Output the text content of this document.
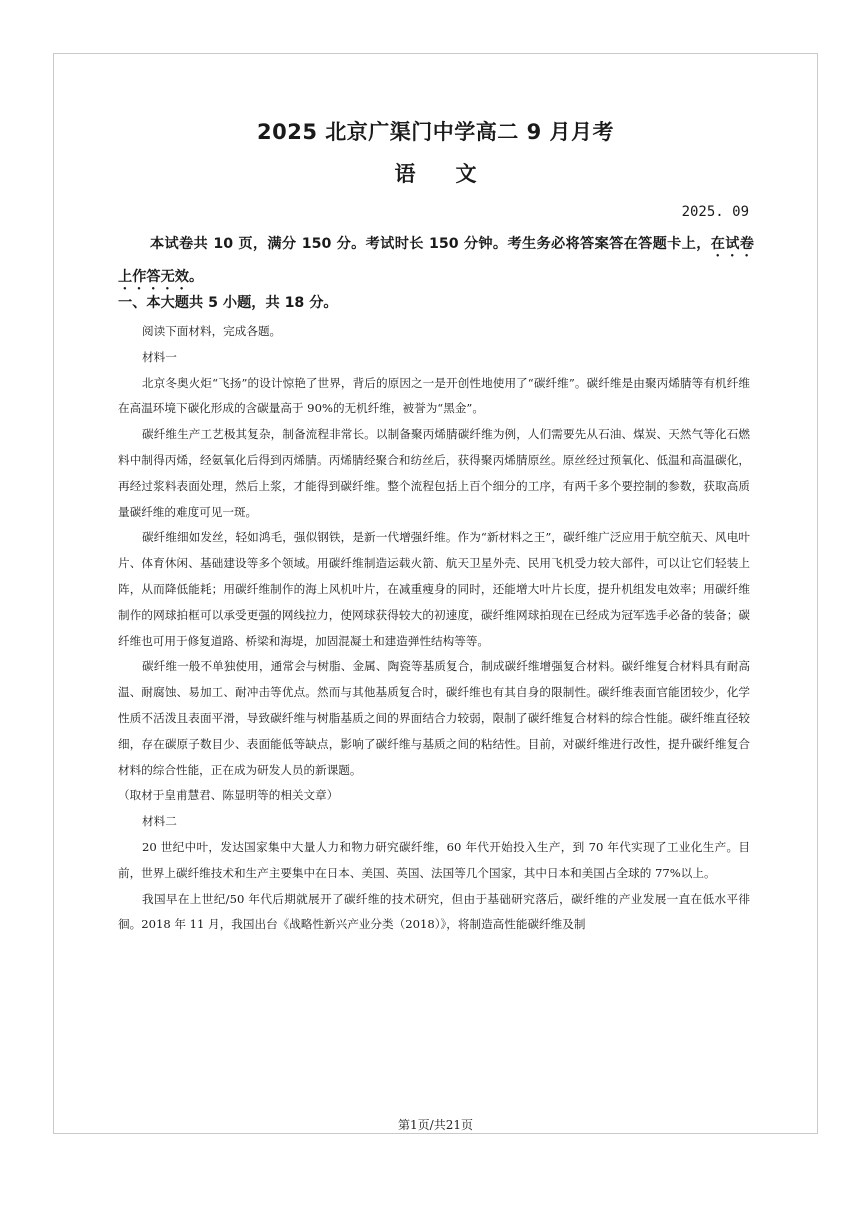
2025 北京广渠门中学高二 9 月月考
语文
2025. 09
本试卷共 10 页，满分 150 分。考试时长 150 分钟。考生务必将答案答在答题卡上，在试卷上作答无效。
一、本大题共 5 小题，共 18 分。

阅读下面材料，完成各题。

材料一

北京冬奥火炬“飞扬”的设计惊艳了世界，背后的原因之一是开创性地使用了“碳纤维”。碳纤维是由聚丙烯腈等有机纤维在高温环境下碳化形成的含碳量高于 90%的无机纤维，被誉为“黑金”。

碳纤维生产工艺极其复杂，制备流程非常长。以制备聚丙烯腈碳纤维为例，人们需要先从石油、煤炭、天然气等化石燃料中制得丙烯，经氨氧化后得到丙烯腈。丙烯腈经聚合和纺丝后，获得聚丙烯腈原丝。原丝经过预氧化、低温和高温碳化，再经过浆料表面处理，然后上浆，才能得到碳纤维。整个流程包括上百个细分的工序，有两千多个要控制的参数，获取高质量碳纤维的难度可见一斑。

碳纤维细如发丝，轻如鸿毛，强似钢铁，是新一代增强纤维。作为“新材料之王”，碳纤维广泛应用于航空航天、风电叶片、体育休闲、基础建设等多个领域。用碳纤维制造运载火箭、航天卫星外壳、民用飞机受力较大部件，可以让它们轻装上阵，从而降低能耗；用碳纤维制作的海上风机叶片，在减重瘦身的同时，还能增大叶片长度，提升机组发电效率；用碳纤维制作的网球拍框可以承受更强的网线拉力，使网球获得较大的初速度，碳纤维网球拍现在已经成为冠军选手必备的装备；碳纤维也可用于修复道路、桥梁和海堤，加固混凝土和建造弹性结构等等。

碳纤维一般不单独使用，通常会与树脂、金属、陶瓷等基质复合，制成碳纤维增强复合材料。碳纤维复合材料具有耐高温、耐腐蚀、易加工、耐冲击等优点。然而与其他基质复合时，碳纤维也有其自身的限制性。碳纤维表面官能团较少，化学性质不活泼且表面平滑，导致碳纤维与树脂基质之间的界面结合力较弱，限制了碳纤维复合材料的综合性能。碳纤维直径较细，存在碳原子数目少、表面能低等缺点，影响了碳纤维与基质之间的粘结性。目前，对碳纤维进行改性，提升碳纤维复合材料的综合性能，正在成为研发人员的新课题。

（取材于皇甫慧君、陈显明等的相关文章）

材料二

20 世纪中叶，发达国家集中大量人力和物力研究碳纤维，60 年代开始投入生产，到 70 年代实现了工业化生产。目前，世界上碳纤维技术和生产主要集中在日本、美国、英国、法国等几个国家，其中日本和美国占全球的 77%以上。

我国早在上世纪/50 年代后期就展开了碳纤维的技术研究，但由于基础研究落后，碳纤维的产业发展一直在低水平徘徊。2018 年 11 月，我国出台《战略性新兴产业分类（2018）》，将制造高性能碳纤维及制

第1页/共21页
